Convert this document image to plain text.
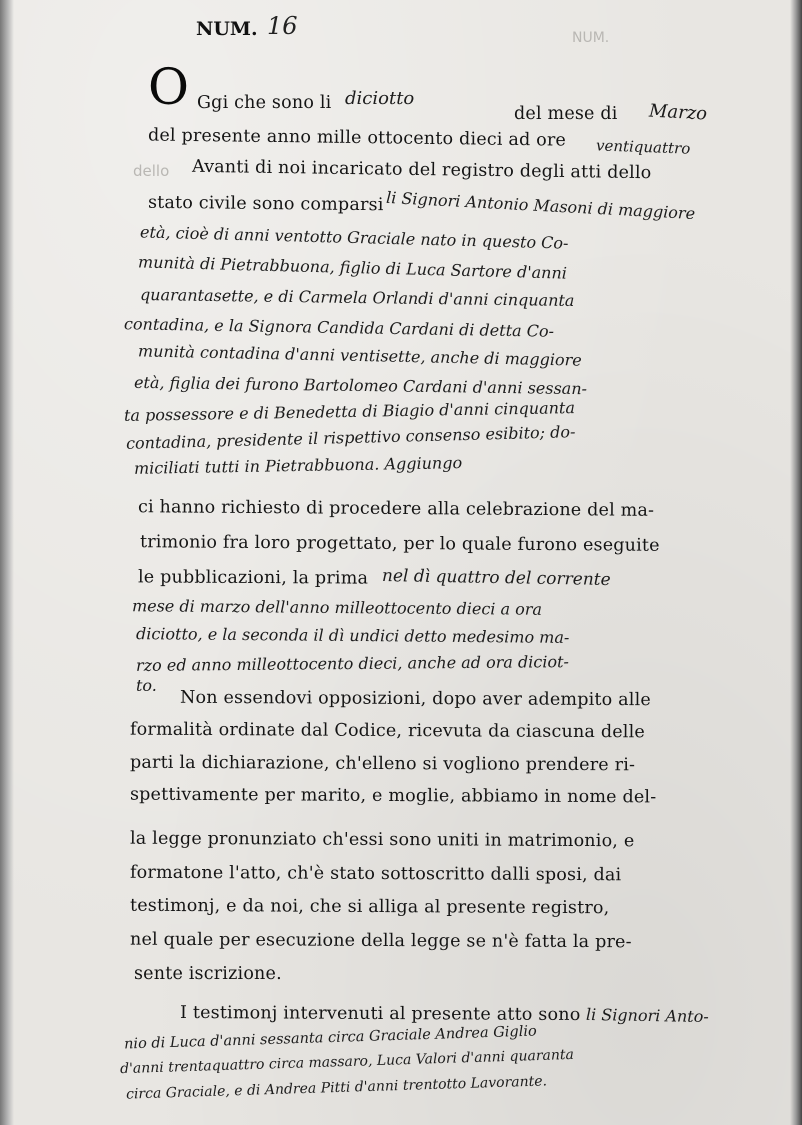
NUM.
dello
NUM. 16
O Ggi che sono li diciotto
del mese di Marzo
del presente anno mille ottocento dieci ad ore ventiquattro
Avanti di noi incaricato del registro degli atti dello
stato civile sono comparsi li Signori Antonio Masoni di maggiore
età, cioè di anni ventotto Graciale nato in questo Co-
munità di Pietrabbuona, figlio di Luca Sartore d'anni
quarantasette, e di Carmela Orlandi d'anni cinquanta
contadina, e la Signora Candida Cardani di detta Co-
munità contadina d'anni ventisette, anche di maggiore
età, figlia dei furono Bartolomeo Cardani d'anni sessan-
ta possessore e di Benedetta di Biagio d'anni cinquanta
contadina, presidente il rispettivo consenso esibito; do-
miciliati tutti in Pietrabbuona. Aggiungo
ci hanno richiesto di procedere alla celebrazione del ma-
trimonio fra loro progettato, per lo quale furono eseguite
le pubblicazioni, la prima nel dì quattro del corrente
mese di marzo dell'anno milleottocento dieci a ora
diciotto, e la seconda il dì undici detto medesimo ma-
rzo ed anno milleottocento dieci, anche ad ora diciot-
to.
Non essendovi opposizioni, dopo aver adempito alle
formalità ordinate dal Codice, ricevuta da ciascuna delle
parti la dichiarazione, ch'elleno si vogliono prendere ri-
spettivamente per marito, e moglie, abbiamo in nome del-
la legge pronunziato ch'essi sono uniti in matrimonio, e
formatone l'atto, ch'è stato sottoscritto dalli sposi, dai
testimonj, e da noi, che si alliga al presente registro,
nel quale per esecuzione della legge se n'è fatta la pre-
sente iscrizione.
I testimonj intervenuti al presente atto sono li Signori Anto-
nio di Luca d'anni sessanta circa Graciale Andrea Giglio
d'anni trentaquattro circa massaro, Luca Valori d'anni quaranta
circa Graciale, e di Andrea Pitti d'anni trentotto Lavorante.
